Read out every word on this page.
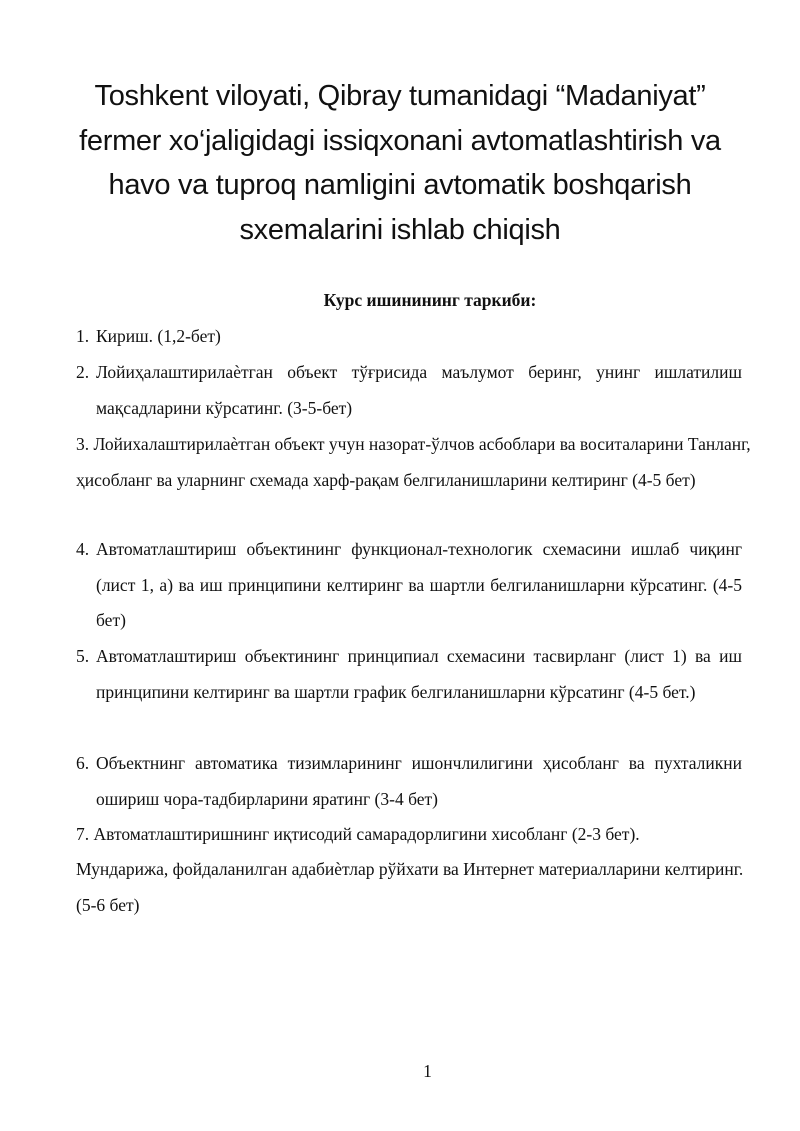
Toshkent viloyati, Qibray tumanidagi “Madaniyat” fermer xo‘jaligidagi issiqxonani avtomatlashtirish va havo va tuproq namligini avtomatik boshqarish sxemalarini ishlab chiqish
Курс ишинининг таркиби:
1. Кириш. (1,2-бет)
2. Лойиҳалаштирилаѐтган объект тўғрисида маълумот беринг, унинг ишлатилиш мақсадларини кўрсатинг. (3-5-бет)
3. Лойихалаштирилаѐтган объект учун назорат-ўлчов асбоблари ва воситаларини Танланг, ҳисобланг ва уларнинг схемада харф-рақам белгиланишларини келтиринг (4-5 бет)
4. Автоматлаштириш объектининг функционал-технологик схемасини ишлаб чиқинг (лист 1, а) ва иш принципини келтиринг ва шартли белгиланишларни кўрсатинг. (4-5 бет)
5. Автоматлаштириш объектининг принципиал схемасини тасвирланг (лист 1) ва иш принципини келтиринг ва шартли график белгиланишларни кўрсатинг (4-5 бет.)
6. Объектнинг автоматика тизимларининг ишончлилигини ҳисобланг ва пухталикни ошириш чора-тадбирларини яратинг (3-4 бет)
7. Автоматлаштиришнинг иқтисодий самарадорлигини хисобланг (2-3 бет).
Мундарижа, фойдаланилган адабиѐтлар рўйхати ва Интернет материалларини келтиринг. (5-6 бет)
1
